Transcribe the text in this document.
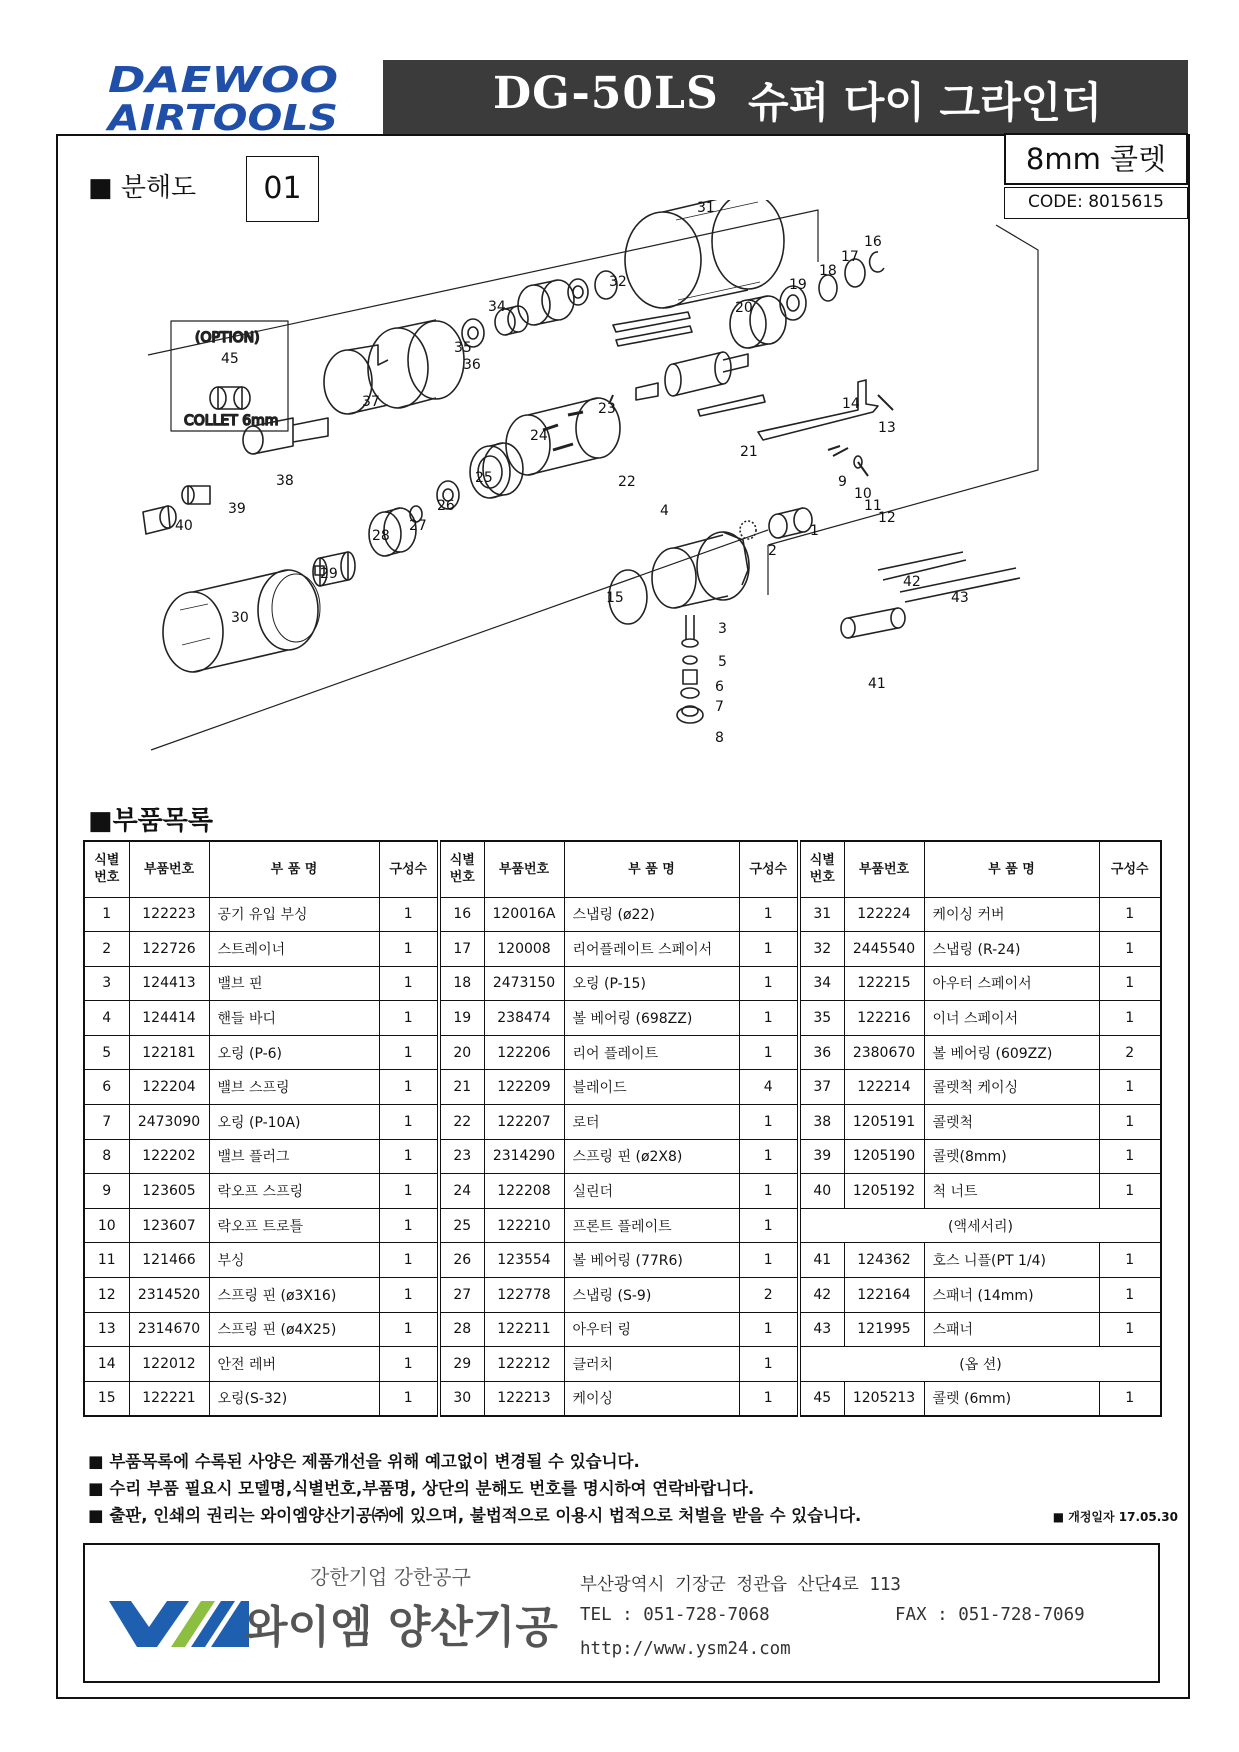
DAEWOO
AIRTOOLS	DG-50LS 슈퍼 다이 그라인더
8mm 콜렛
CODE: 8015615
■ 분해도	01
(OPTION)
COLLET 6mm
1
2
3
4
5
6
7
8
9
10
11
12
13
14
15
16
17
18
19
20
21
22
23
24
25
26
27
28
29
30
31
32
34
35
36
37
38
39
40
41
42
43
45
■부품목록
식별
번호	부품번호	부 품 명	구성수	식별
번호	부품번호	부 품 명	구성수	식별
번호	부품번호	부 품 명	구성수
1	122223	공기 유입 부싱	1	16	120016A	스냅링 (ø22)	1	31	122224	케이싱 커버	1
2	122726	스트레이너	1	17	120008	리어플레이트 스페이서	1	32	2445540	스냅링 (R-24)	1
3	124413	밸브 핀	1	18	2473150	오링 (P-15)	1	34	122215	아우터 스페이서	1
4	124414	핸들 바디	1	19	238474	볼 베어링 (698ZZ)	1	35	122216	이너 스페이서	1
5	122181	오링 (P-6)	1	20	122206	리어 플레이트	1	36	2380670	볼 베어링 (609ZZ)	2
6	122204	밸브 스프링	1	21	122209	블레이드	4	37	122214	콜렛척 케이싱	1
7	2473090	오링 (P-10A)	1	22	122207	로터	1	38	1205191	콜렛척	1
8	122202	밸브 플러그	1	23	2314290	스프링 핀 (ø2X8)	1	39	1205190	콜렛(8mm)	1
9	123605	락오프 스프링	1	24	122208	실린더	1	40	1205192	척 너트	1
10	123607	락오프 트로틀	1	25	122210	프론트 플레이트	1	(액세서리)			
11	121466	부싱	1	26	123554	볼 베어링 (77R6)	1	41	124362	호스 니플(PT 1/4)	1
12	2314520	스프링 핀 (ø3X16)	1	27	122778	스냅링 (S-9)	2	42	122164	스패너 (14mm)	1
13	2314670	스프링 핀 (ø4X25)	1	28	122211	아우터 링	1	43	121995	스패너	1
14	122012	안전 레버	1	29	122212	클러치	1	(옵 션)			
15	122221	오링(S-32)	1	30	122213	케이싱	1	45	1205213	콜렛 (6mm)	1
■ 부품목록에 수록된 사양은 제품개선을 위해 예고없이 변경될 수 있습니다.
■ 수리 부품 필요시 모델명,식별번호,부품명, 상단의 분해도 번호를 명시하여 연락바랍니다.
■ 출판, 인쇄의 권리는 와이엠양산기공㈜에 있으며, 불법적으로 이용시 법적으로 처벌을 받을 수 있습니다.	■ 개정일자 17.05.30
강한기업 강한공구
와이엠 양산기공
부산광역시 기장군 정관읍 산단4로 113
TEL : 051-728-7068	FAX : 051-728-7069
http://www.ysm24.com
